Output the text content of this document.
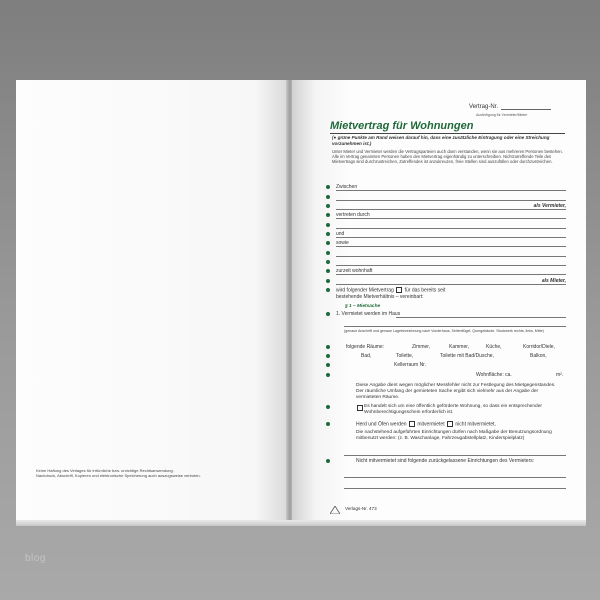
Keine Haftung des Verlages für irrtümliche bzw. unrichtige Rechtsanwendung.
Nachdruck, Abschrift, Kopieren und elektronische Speicherung auch auszugsweise verboten.
Vertrag-Nr.
Ausfertigung für Vermieter/Mieter
Mietvertrag für Wohnungen
(● grüne Punkte am Rand weisen darauf hin, dass eine zusätzliche Eintragung oder eine Streichung vorzunehmen ist.)
Unter Mieter und Vermieter werden die Vertragsparteien auch dann verstanden, wenn sie aus mehreren Personen bestehen. Alle im Vertrag genannten Personen haben den Mietvertrag eigenhändig zu unterschreiben. Nichtzutreffende Teile des Mietvertrags sind durchzustreichen, Zutreffendes ist anzukreuzen, freie Stellen sind auszufüllen oder durchzustreichen.
Zwischen
als Vermieter,
vertreten durch
und
sowie
zurzeit wohnhaft
als Mieter,
wird folgender Mietvertrag für das bereits seit
bestehende Mietverhältnis – vereinbart:
§ 1 – Mietsache
1. Vermietet werden im Haus
(genaue Anschrift und genaue Lagebezeichnung nach Vorderhaus, Seitenflügel, Quergebäude, Stockwerk rechts, links, Mitte)
folgende Räume:	Zimmer,	Kammer,	Küche,	Korridor/Diele,
Bad,	Toilette,	Toilette mit Bad/Dusche,	Balkon,
Kellerraum Nr.
Wohnfläche: ca.	m².
Diese Angabe dient wegen möglicher Messfehler nicht zur Festlegung des Mietgegenstandes. Der räumliche Umfang der gemieteten Sache ergibt sich vielmehr aus der Angabe der vermieteten Räume.
Es handelt sich um eine öffentlich geförderte Wohnung, so dass ein entsprechender Wohnberechtigungsschein erforderlich ist.
Herd und Öfen werden mitvermietet nicht mitvermietet.
Die nachstehend aufgeführten Einrichtungen dürfen nach Maßgabe der Benutzungsordnung mitbenutzt werden: (z. B. Waschanlage, Fahrzeugabstellplatz, Kinderspielplatz)
Nicht mitvermietet sind folgende zurückgelassene Einrichtungen des Vermieters:
Verlags-Nr. 473
blog
